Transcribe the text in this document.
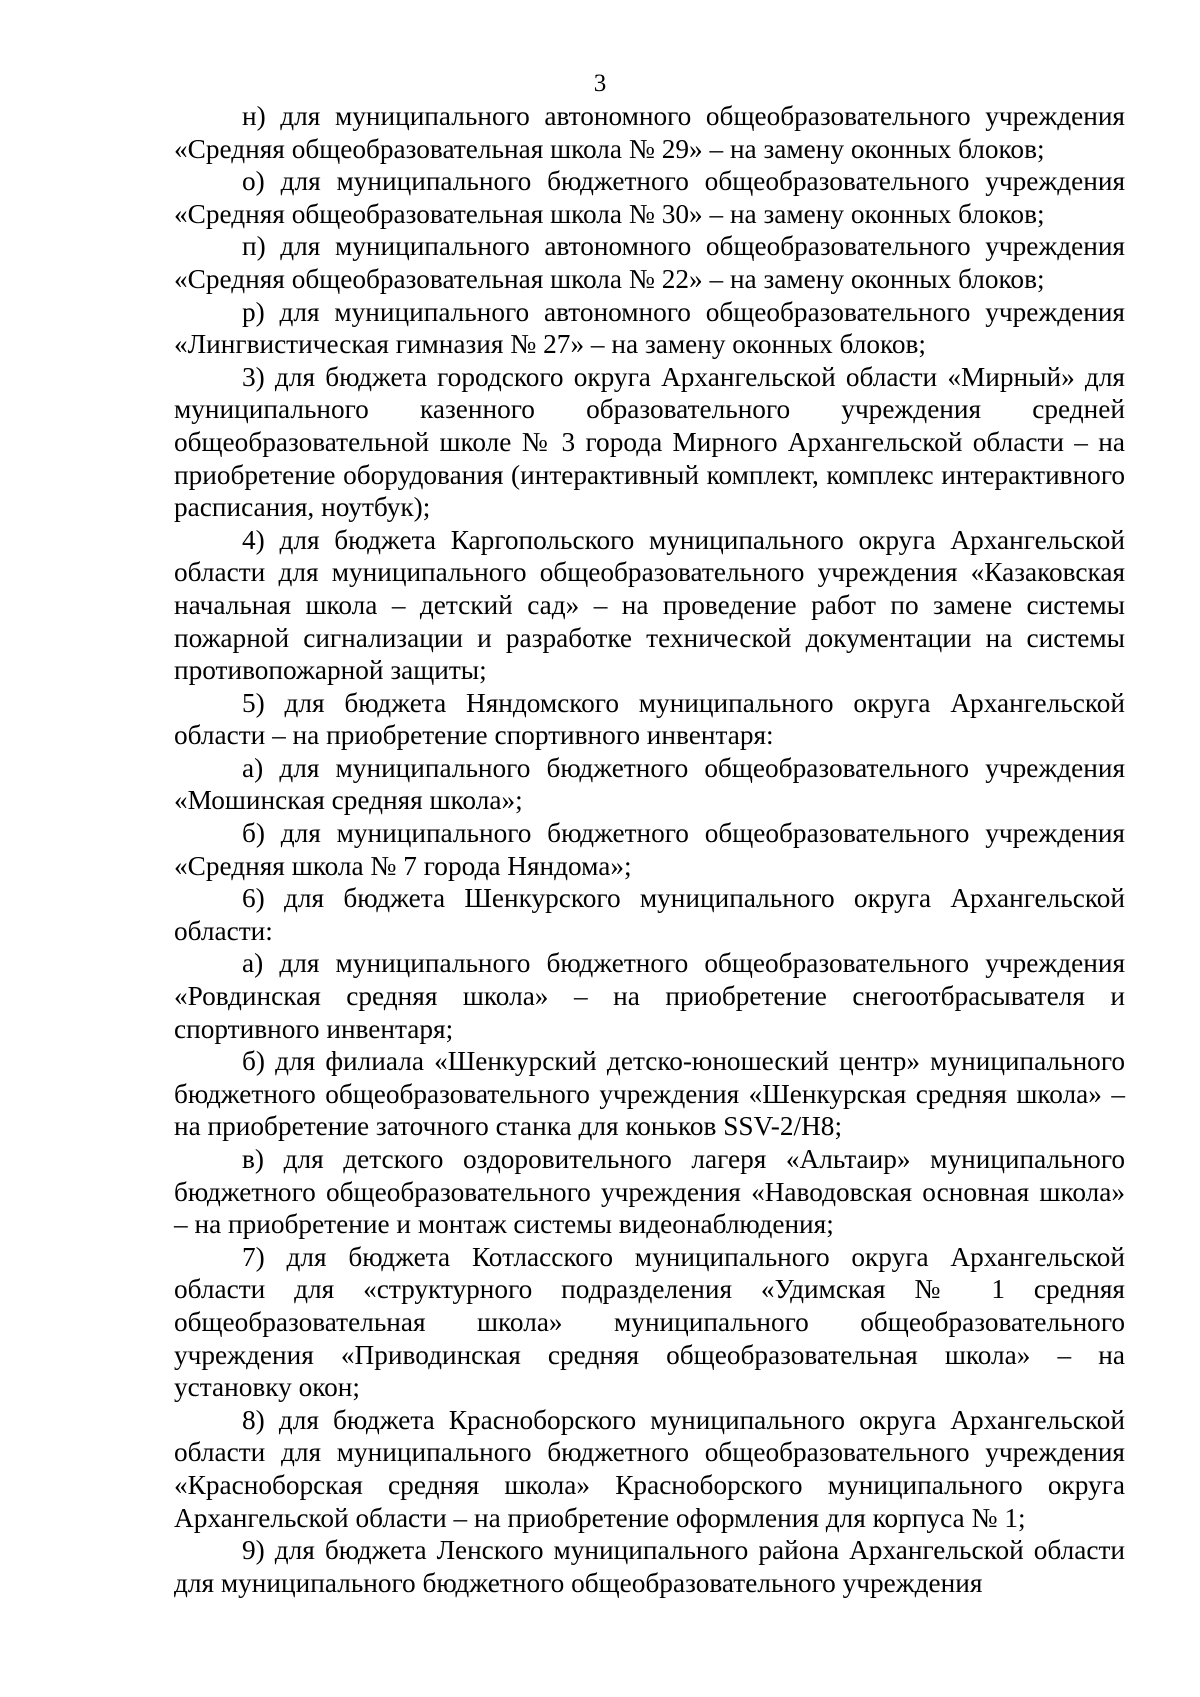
3

н) для муниципального автономного общеобразовательного учреждения «Средняя общеобразовательная школа № 29» – на замену оконных блоков;

о) для муниципального бюджетного общеобразовательного учреждения «Средняя общеобразовательная школа № 30» – на замену оконных блоков;

п) для муниципального автономного общеобразовательного учреждения «Средняя общеобразовательная школа № 22» – на замену оконных блоков;

р) для муниципального автономного общеобразовательного учреждения «Лингвистическая гимназия № 27» – на замену оконных блоков;

3) для бюджета городского округа Архангельской области «Мирный» для муниципального казенного образовательного учреждения средней общеобразовательной школе № 3 города Мирного Архангельской области – на приобретение оборудования (интерактивный комплект, комплекс интерактивного расписания, ноутбук);

4) для бюджета Каргопольского муниципального округа Архангельской области для муниципального общеобразовательного учреждения «Казаковская начальная школа – детский сад» – на проведение работ по замене системы пожарной сигнализации и разработке технической документации на системы противопожарной защиты;

5) для бюджета Няндомского муниципального округа Архангельской области – на приобретение спортивного инвентаря:

а) для муниципального бюджетного общеобразовательного учреждения «Мошинская средняя школа»;

б) для муниципального бюджетного общеобразовательного учреждения «Средняя школа № 7 города Няндома»;

6) для бюджета Шенкурского муниципального округа Архангельской области:

а) для муниципального бюджетного общеобразовательного учреждения «Ровдинская средняя школа» – на приобретение снегоотбрасывателя и спортивного инвентаря;

б) для филиала «Шенкурский детско-юношеский центр» муниципального бюджетного общеобразовательного учреждения «Шенкурская средняя школа» – на приобретение заточного станка для коньков SSV-2/H8;

в) для детского оздоровительного лагеря «Альтаир» муниципального бюджетного общеобразовательного учреждения «Наводовская основная школа» – на приобретение и монтаж системы видеонаблюдения;

7) для бюджета Котласского муниципального округа Архангельской области для «структурного подразделения «Удимская № 1 средняя общеобразовательная школа» муниципального общеобразовательного учреждения «Приводинская средняя общеобразовательная школа» – на установку окон;

8) для бюджета Красноборского муниципального округа Архангельской области для муниципального бюджетного общеобразовательного учреждения «Красноборская средняя школа» Красноборского муниципального округа Архангельской области – на приобретение оформления для корпуса № 1;

9) для бюджета Ленского муниципального района Архангельской области для муниципального бюджетного общеобразовательного учреждения
